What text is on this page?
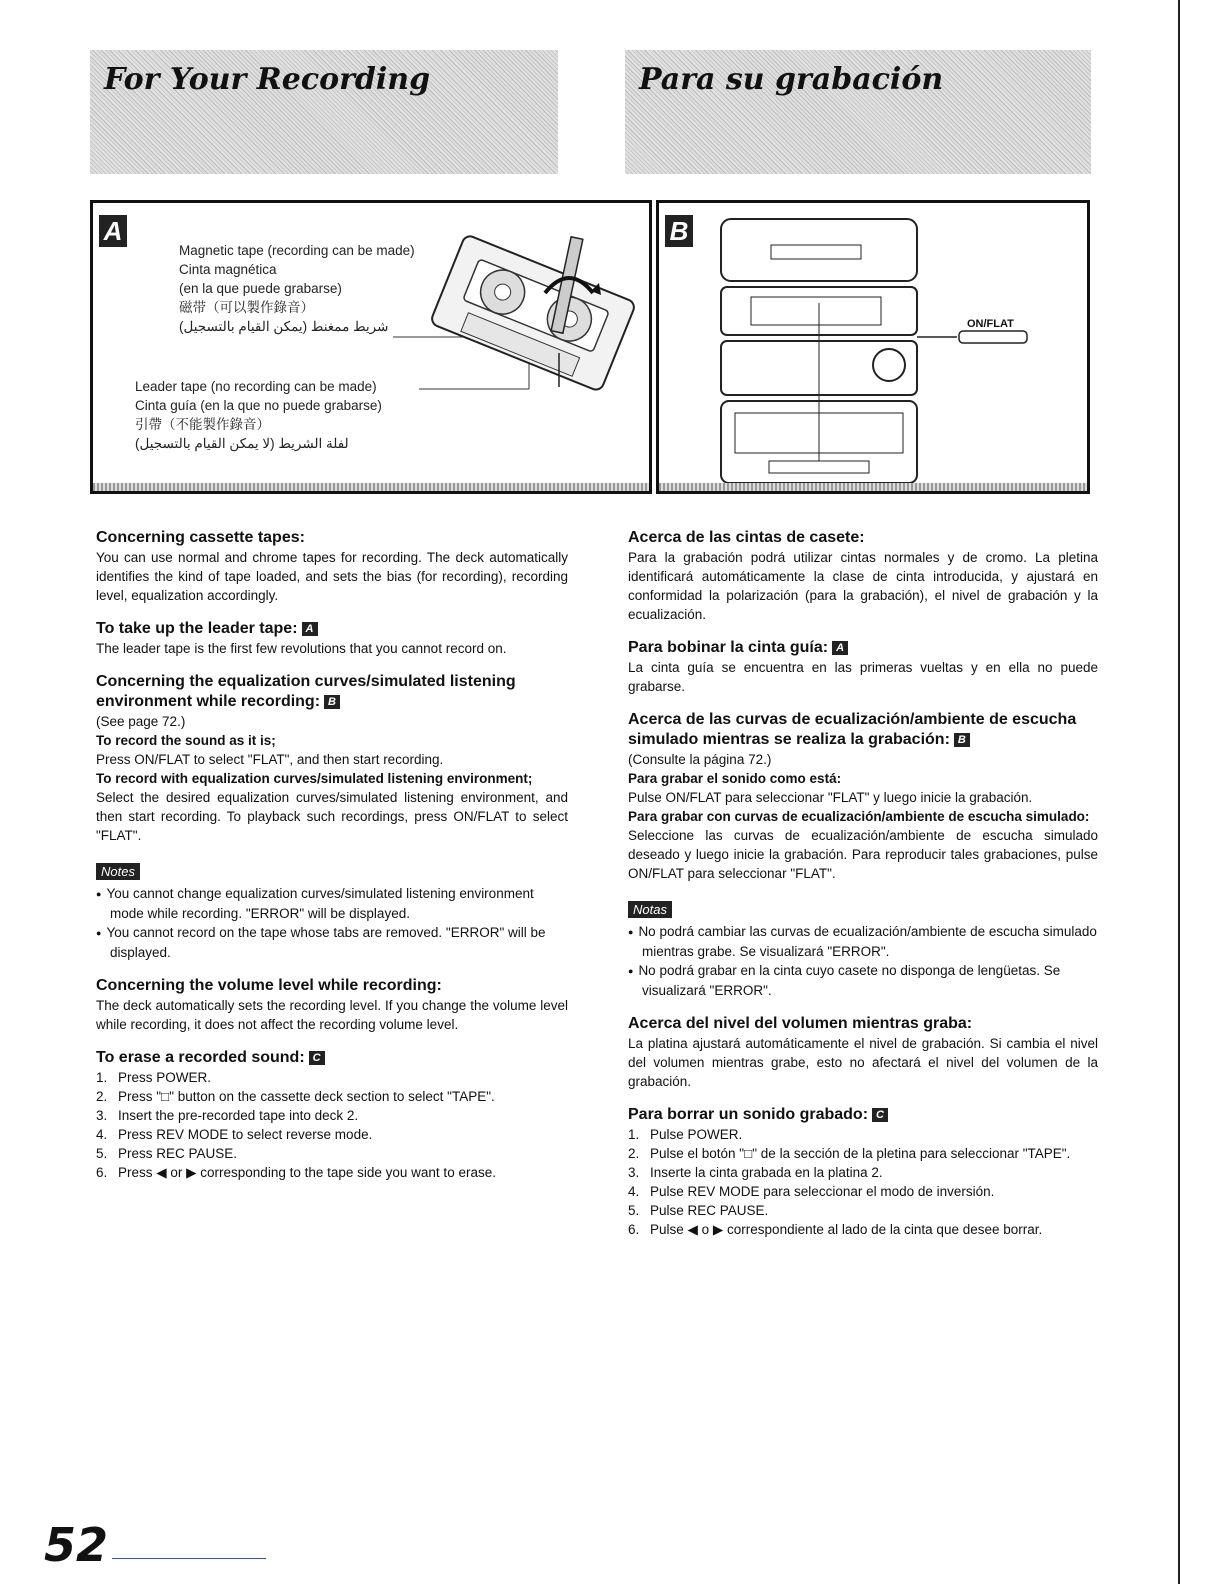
For Your Recording	Para su grabación
A
Magnetic tape (recording can be made)
Cinta magnética
(en la que puede grabarse)
磁带（可以製作錄音）
(شريط ممغنط (يمكن القيام بالتسجيل
Leader tape (no recording can be made)
Cinta guía (en la que no puede grabarse)
引帶（不能製作錄音）
لفلة الشريط (لا يمكن القيام بالتسجيل)
B
ON/FLAT
Concerning cassette tapes:

You can use normal and chrome tapes for recording. The deck automatically identifies the kind of tape loaded, and sets the bias (for recording), recording level, equalization accordingly.

To take up the leader tape: A

The leader tape is the first few revolutions that you cannot record on.

Concerning the equalization curves/simulated listening environment while recording: B

(See page 72.)

To record the sound as it is;

Press ON/FLAT to select "FLAT", and then start recording.

To record with equalization curves/simulated listening environment;

Select the desired equalization curves/simulated listening environment, and then start recording. To playback such recordings, press ON/FLAT to select "FLAT".

Notes
● You cannot change equalization curves/simulated listening environment mode while recording. "ERROR" will be displayed.
● You cannot record on the tape whose tabs are removed. "ERROR" will be displayed.
Concerning the volume level while recording:

The deck automatically sets the recording level. If you change the volume level while recording, it does not affect the recording volume level.

To erase a recorded sound: C
1. Press POWER.
2. Press "□" button on the cassette deck section to select "TAPE".
3. Insert the pre-recorded tape into deck 2.
4. Press REV MODE to select reverse mode.
5. Press REC PAUSE.
6. Press ◀ or ▶ corresponding to the tape side you want to erase.
Acerca de las cintas de casete:

Para la grabación podrá utilizar cintas normales y de cromo. La pletina identificará automáticamente la clase de cinta introducida, y ajustará en conformidad la polarización (para la grabación), el nivel de grabación y la ecualización.

Para bobinar la cinta guía: A

La cinta guía se encuentra en las primeras vueltas y en ella no puede grabarse.

Acerca de las curvas de ecualización/ambiente de escucha simulado mientras se realiza la grabación: B

(Consulte la página 72.)

Para grabar el sonido como está:

Pulse ON/FLAT para seleccionar "FLAT" y luego inicie la grabación.

Para grabar con curvas de ecualización/ambiente de escucha simulado:

Seleccione las curvas de ecualización/ambiente de escucha simulado deseado y luego inicie la grabación. Para reproducir tales grabaciones, pulse ON/FLAT para seleccionar "FLAT".

Notas
● No podrá cambiar las curvas de ecualización/ambiente de escucha simulado mientras grabe. Se visualizará "ERROR".
● No podrá grabar en la cinta cuyo casete no disponga de lengüetas. Se visualizará "ERROR".
Acerca del nivel del volumen mientras graba:

La platina ajustará automáticamente el nivel de grabación. Si cambia el nivel del volumen mientras grabe, esto no afectará el nivel del volumen de la grabación.

Para borrar un sonido grabado: C
1. Pulse POWER.
2. Pulse el botón "□" de la sección de la pletina para seleccionar "TAPE".
3. Inserte la cinta grabada en la platina 2.
4. Pulse REV MODE para seleccionar el modo de inversión.
5. Pulse REC PAUSE.
6. Pulse ◀ o ▶ correspondiente al lado de la cinta que desee borrar.
52
